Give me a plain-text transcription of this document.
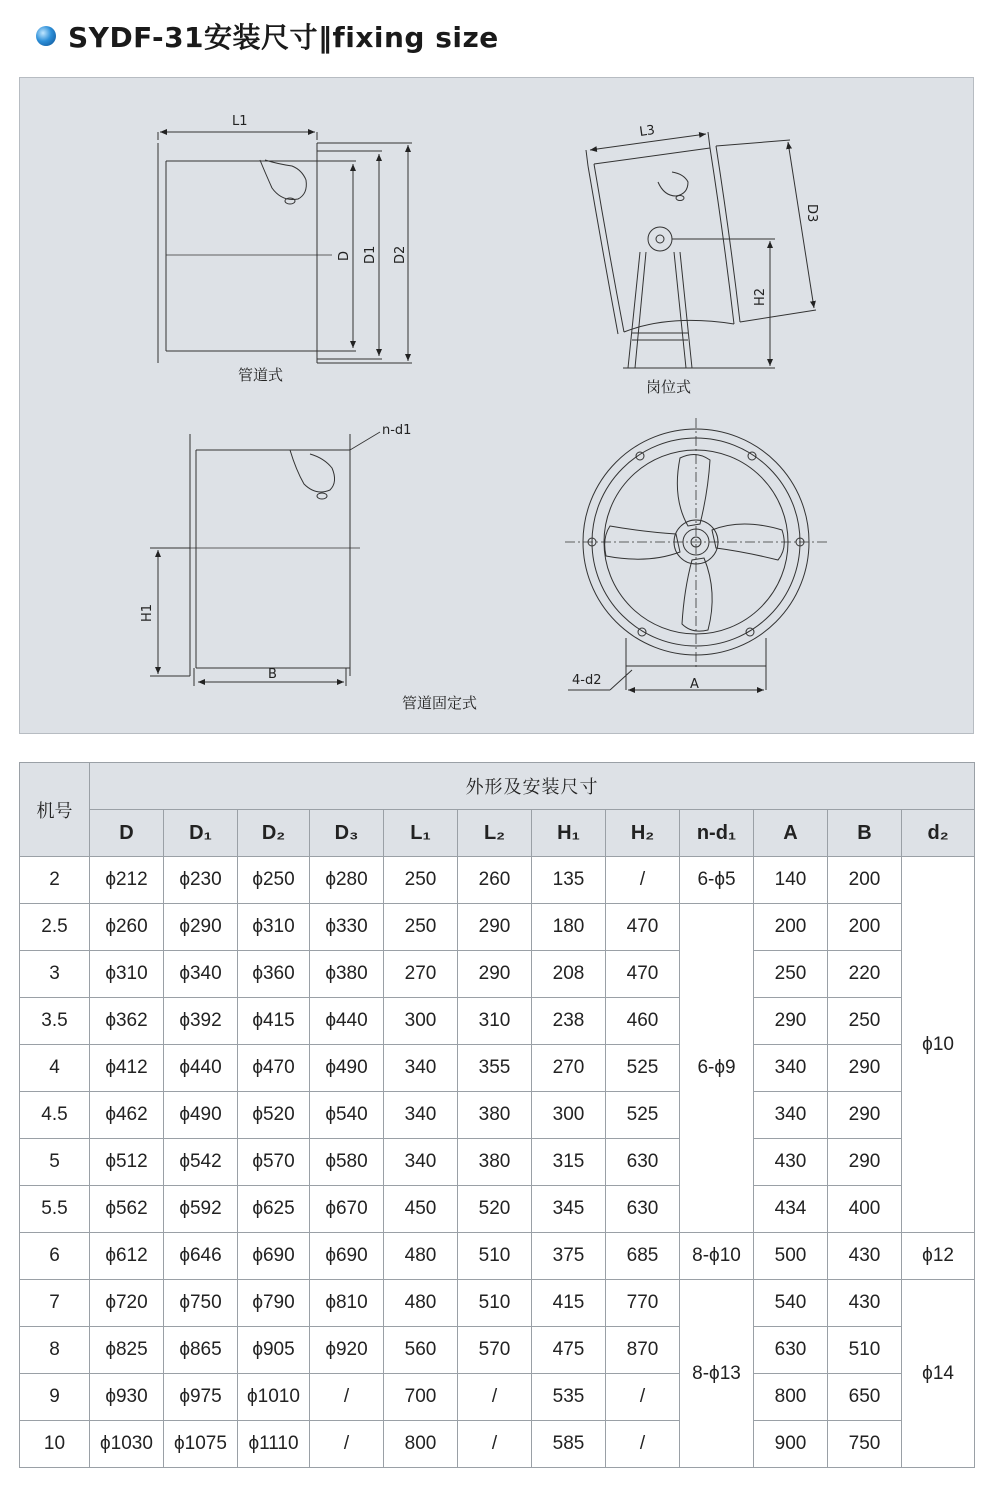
SYDF-31安装尺寸‖fixing size
L1
D D1 D2
L3
D3
H2
n-d1
H1
B	4-d2	A
管道式
岗位式
管道固定式
机号	外形及安装尺寸											
	D	D₁	D₂	D₃	L₁	L₂	H₁	H₂	n-d₁	A	B	d₂
2	ϕ212	ϕ230	ϕ250	ϕ280	250	260	135	/	6-ϕ5	140	200	ϕ10
2.5	ϕ260	ϕ290	ϕ310	ϕ330	250	290	180	470	6-ϕ9	200	200	
3	ϕ310	ϕ340	ϕ360	ϕ380	270	290	208	470		250	220	
3.5	ϕ362	ϕ392	ϕ415	ϕ440	300	310	238	460		290	250	
4	ϕ412	ϕ440	ϕ470	ϕ490	340	355	270	525		340	290	
4.5	ϕ462	ϕ490	ϕ520	ϕ540	340	380	300	525		340	290	
5	ϕ512	ϕ542	ϕ570	ϕ580	340	380	315	630		430	290	
5.5	ϕ562	ϕ592	ϕ625	ϕ670	450	520	345	630		434	400	
6	ϕ612	ϕ646	ϕ690	ϕ690	480	510	375	685	8-ϕ10	500	430	ϕ12
7	ϕ720	ϕ750	ϕ790	ϕ810	480	510	415	770	8-ϕ13	540	430	ϕ14
8	ϕ825	ϕ865	ϕ905	ϕ920	560	570	475	870		630	510	
9	ϕ930	ϕ975	ϕ1010	/	700	/	535	/		800	650	
10	ϕ1030	ϕ1075	ϕ1110	/	800	/	585	/		900	750	
